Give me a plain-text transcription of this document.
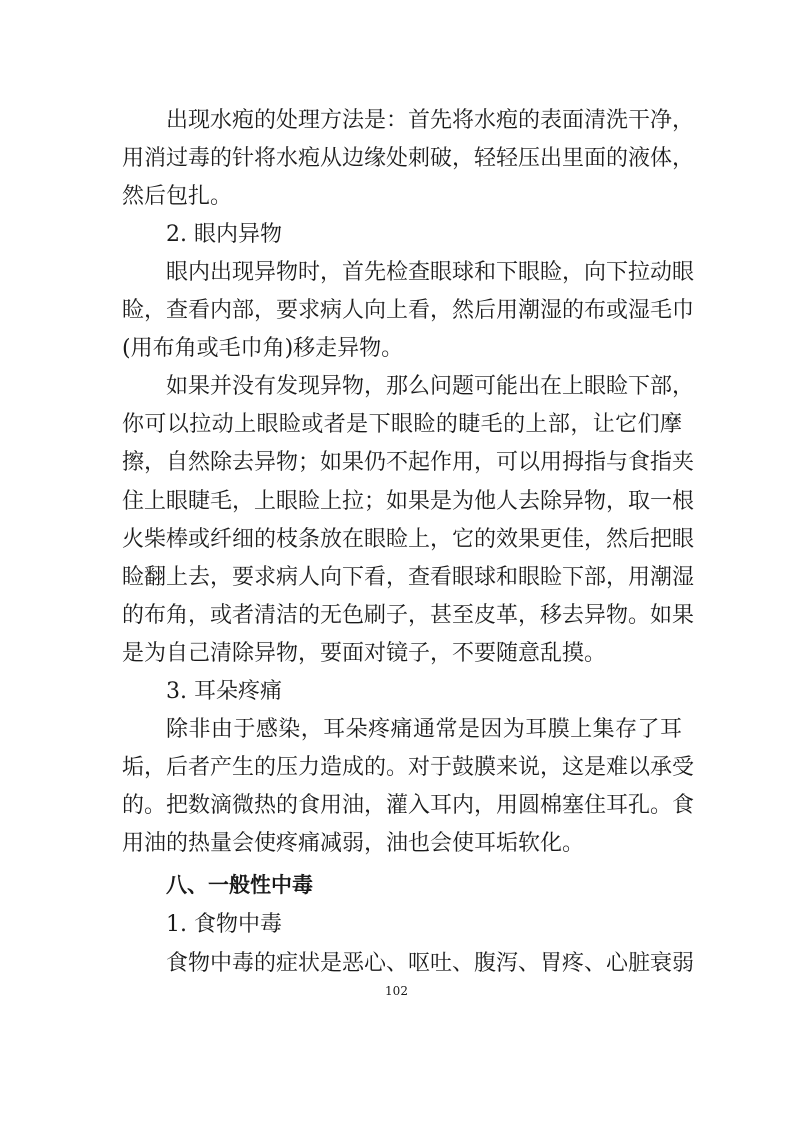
出现水疱的处理方法是：首先将水疱的表面清洗干净，
用消过毒的针将水疱从边缘处刺破，轻轻压出里面的液体，
然后包扎。
2. 眼内异物
眼内出现异物时，首先检查眼球和下眼睑，向下拉动眼
睑，查看内部，要求病人向上看，然后用潮湿的布或湿毛巾
(用布角或毛巾角)移走异物。
如果并没有发现异物，那么问题可能出在上眼睑下部，
你可以拉动上眼睑或者是下眼睑的睫毛的上部，让它们摩
擦，自然除去异物；如果仍不起作用，可以用拇指与食指夹
住上眼睫毛，上眼睑上拉；如果是为他人去除异物，取一根
火柴棒或纤细的枝条放在眼睑上，它的效果更佳，然后把眼
睑翻上去，要求病人向下看，查看眼球和眼睑下部，用潮湿
的布角，或者清洁的无色刷子，甚至皮革，移去异物。如果
是为自己清除异物，要面对镜子，不要随意乱摸。
3. 耳朵疼痛
除非由于感染，耳朵疼痛通常是因为耳膜上集存了耳
垢，后者产生的压力造成的。对于鼓膜来说，这是难以承受
的。把数滴微热的食用油，灌入耳内，用圆棉塞住耳孔。食
用油的热量会使疼痛减弱，油也会使耳垢软化。
八、一般性中毒
1. 食物中毒
食物中毒的症状是恶心、呕吐、腹泻、胃疼、心脏衰弱
102
